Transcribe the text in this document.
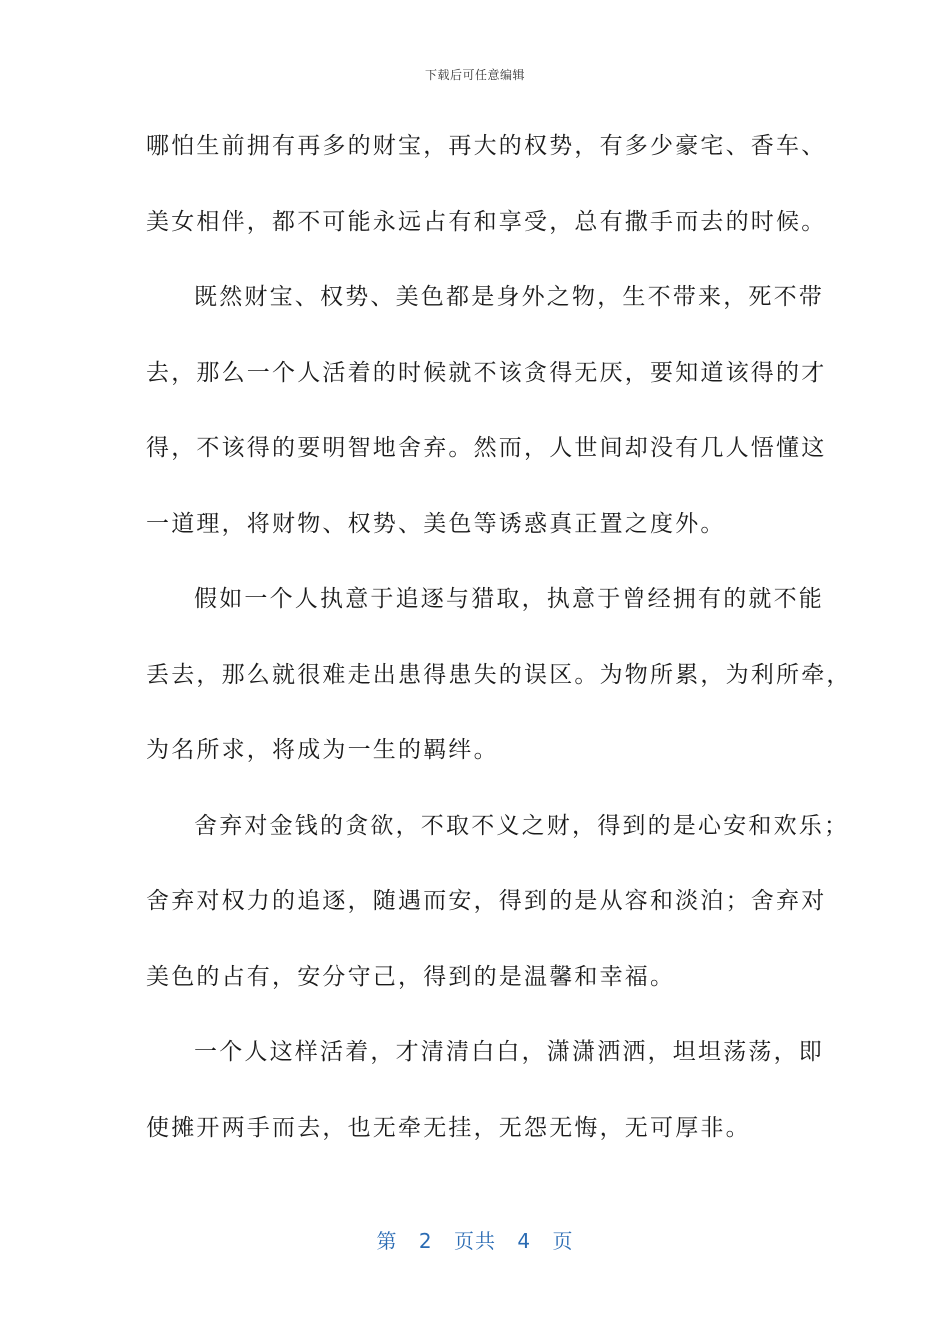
下载后可任意编辑
哪怕生前拥有再多的财宝，再大的权势，有多少豪宅、香车、
美女相伴，都不可能永远占有和享受，总有撒手而去的时候。
既然财宝、权势、美色都是身外之物，生不带来，死不带
去，那么一个人活着的时候就不该贪得无厌，要知道该得的才
得，不该得的要明智地舍弃。然而，人世间却没有几人悟懂这
一道理，将财物、权势、美色等诱惑真正置之度外。
假如一个人执意于追逐与猎取，执意于曾经拥有的就不能
丢去，那么就很难走出患得患失的误区。为物所累，为利所牵，
为名所求，将成为一生的羁绊。
舍弃对金钱的贪欲，不取不义之财，得到的是心安和欢乐；
舍弃对权力的追逐，随遇而安，得到的是从容和淡泊；舍弃对
美色的占有，安分守己，得到的是温馨和幸福。
一个人这样活着，才清清白白，潇潇洒洒，坦坦荡荡，即
使摊开两手而去，也无牵无挂，无怨无悔，无可厚非。
第 2 页共 4 页
